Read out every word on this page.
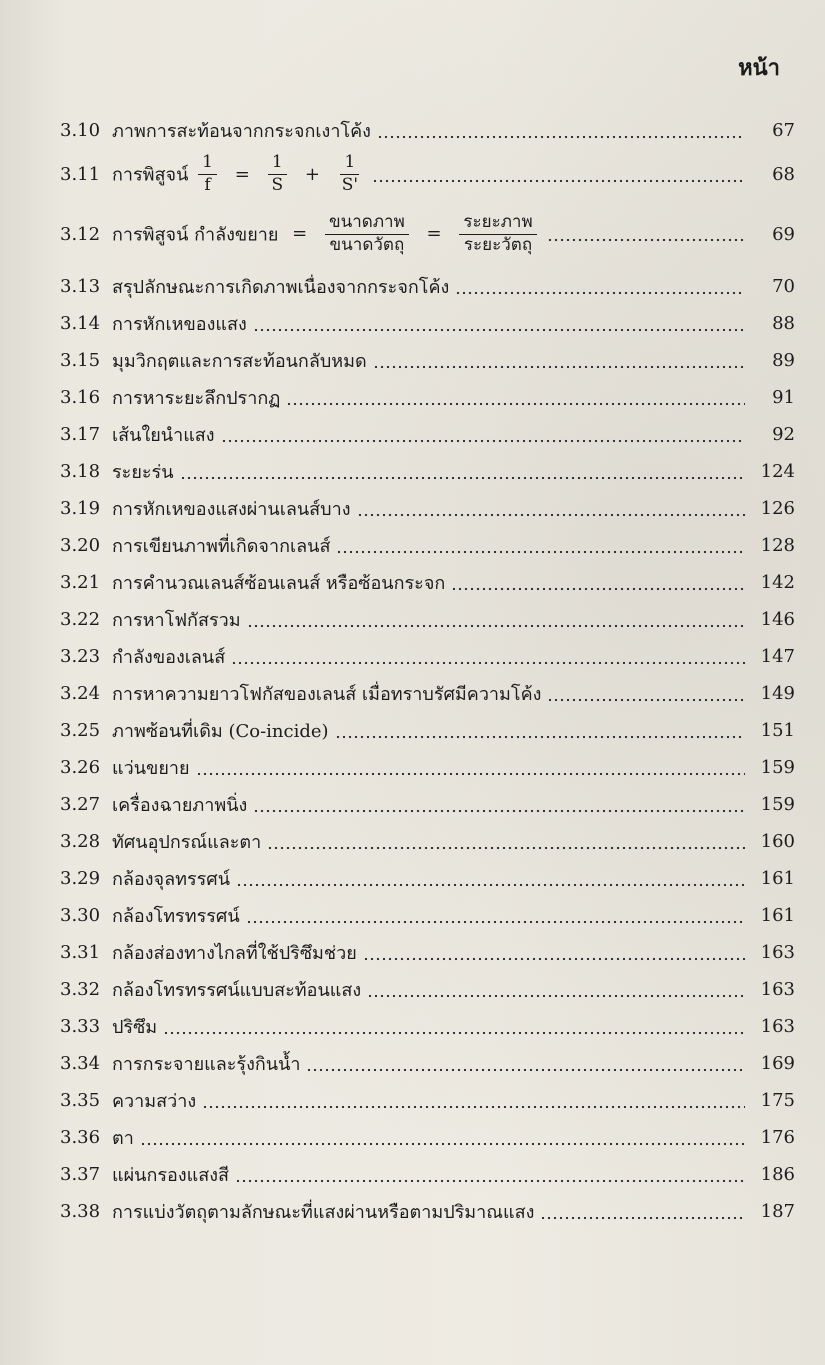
หน้า
3.10 ภาพการสะท้อนจากกระจกเงาโค้ง	67
3.11 การพิสูจน์ $\frac{1}{f} = \frac{1}{S} + \frac{1}{S'}$	68
3.12 การพิสูจน์ กำลังขยาย = $\frac{\text{ขนาดภาพ}}{\text{ขนาดวัตถุ}} = \frac{\text{ระยะภาพ}}{\text{ระยะวัตถุ}}$	69
3.13 สรุปลักษณะการเกิดภาพเนื่องจากกระจกโค้ง	70
3.14 การหักเหของแสง	88
3.15 มุมวิกฤตและการสะท้อนกลับหมด	89
3.16 การหาระยะลึกปรากฏ	91
3.17 เส้นใยนำแสง	92
3.18 ระยะร่น	124
3.19 การหักเหของแสงผ่านเลนส์บาง	126
3.20 การเขียนภาพที่เกิดจากเลนส์	128
3.21 การคำนวณเลนส์ซ้อนเลนส์ หรือซ้อนกระจก	142
3.22 การหาโฟกัสรวม	146
3.23 กำลังของเลนส์	147
3.24 การหาความยาวโฟกัสของเลนส์ เมื่อทราบรัศมีความโค้ง	149
3.25 ภาพซ้อนที่เดิม (Co-incide)	151
3.26 แว่นขยาย	159
3.27 เครื่องฉายภาพนิ่ง	159
3.28 ทัศนอุปกรณ์และตา	160
3.29 กล้องจุลทรรศน์	161
3.30 กล้องโทรทรรศน์	161
3.31 กล้องส่องทางไกลที่ใช้ปริซึมช่วย	163
3.32 กล้องโทรทรรศน์แบบสะท้อนแสง	163
3.33 ปริซึม	163
3.34 การกระจายและรุ้งกินน้ำ	169
3.35 ความสว่าง	175
3.36 ตา	176
3.37 แผ่นกรองแสงสี	186
3.38 การแบ่งวัตถุตามลักษณะที่แสงผ่านหรือตามปริมาณแสง	187
